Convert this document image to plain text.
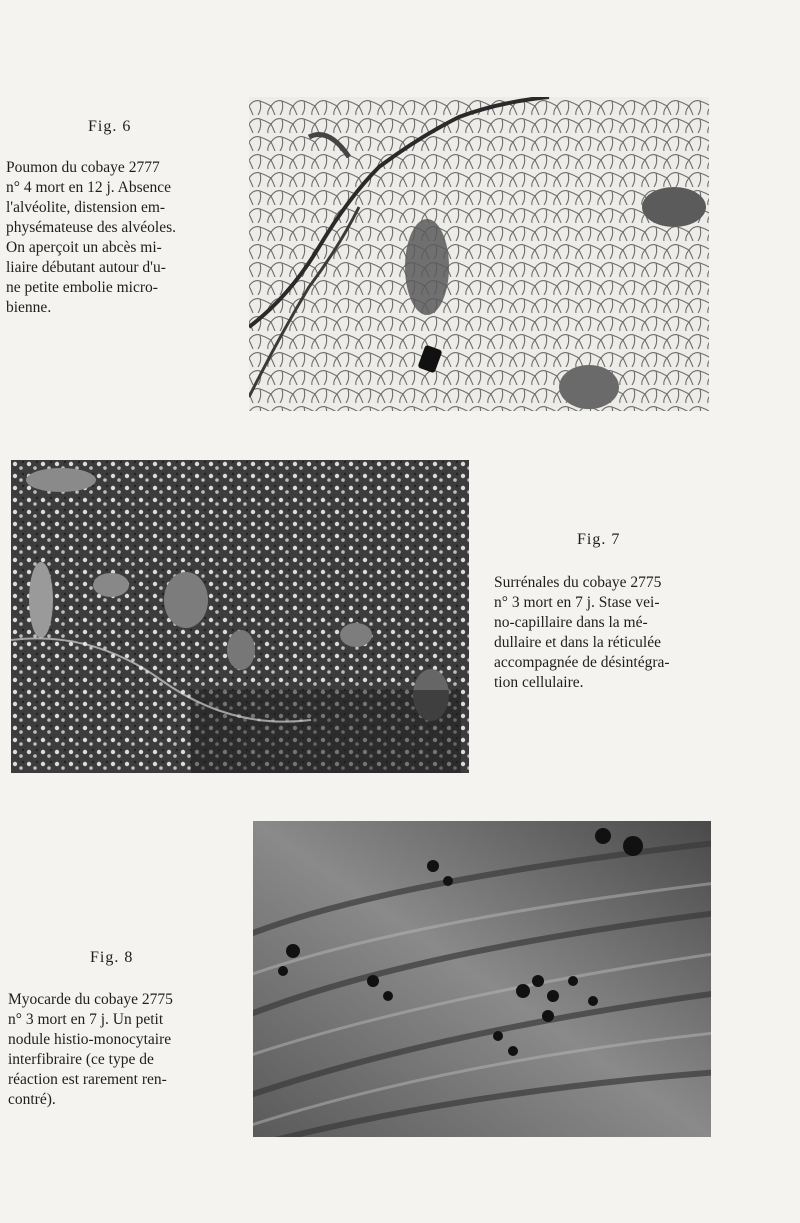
Fig. 6

Poumon du cobaye 2777
n° 4 mort en 12 j. Absence
l'alvéolite, distension em-
physémateuse des alvéoles.
On aperçoit un abcès mi-
liaire débutant autour d'u-
ne petite embolie micro-
bienne.

Fig. 7

Surrénales du cobaye 2775
n° 3 mort en 7 j. Stase vei-
no-capillaire dans la mé-
dullaire et dans la réticulée
accompagnée de désintégra-
tion cellulaire.

Fig. 8

Myocarde du cobaye 2775
n° 3 mort en 7 j. Un petit
nodule histio-monocytaire
interfibraire (ce type de
réaction est rarement ren-
contré).
